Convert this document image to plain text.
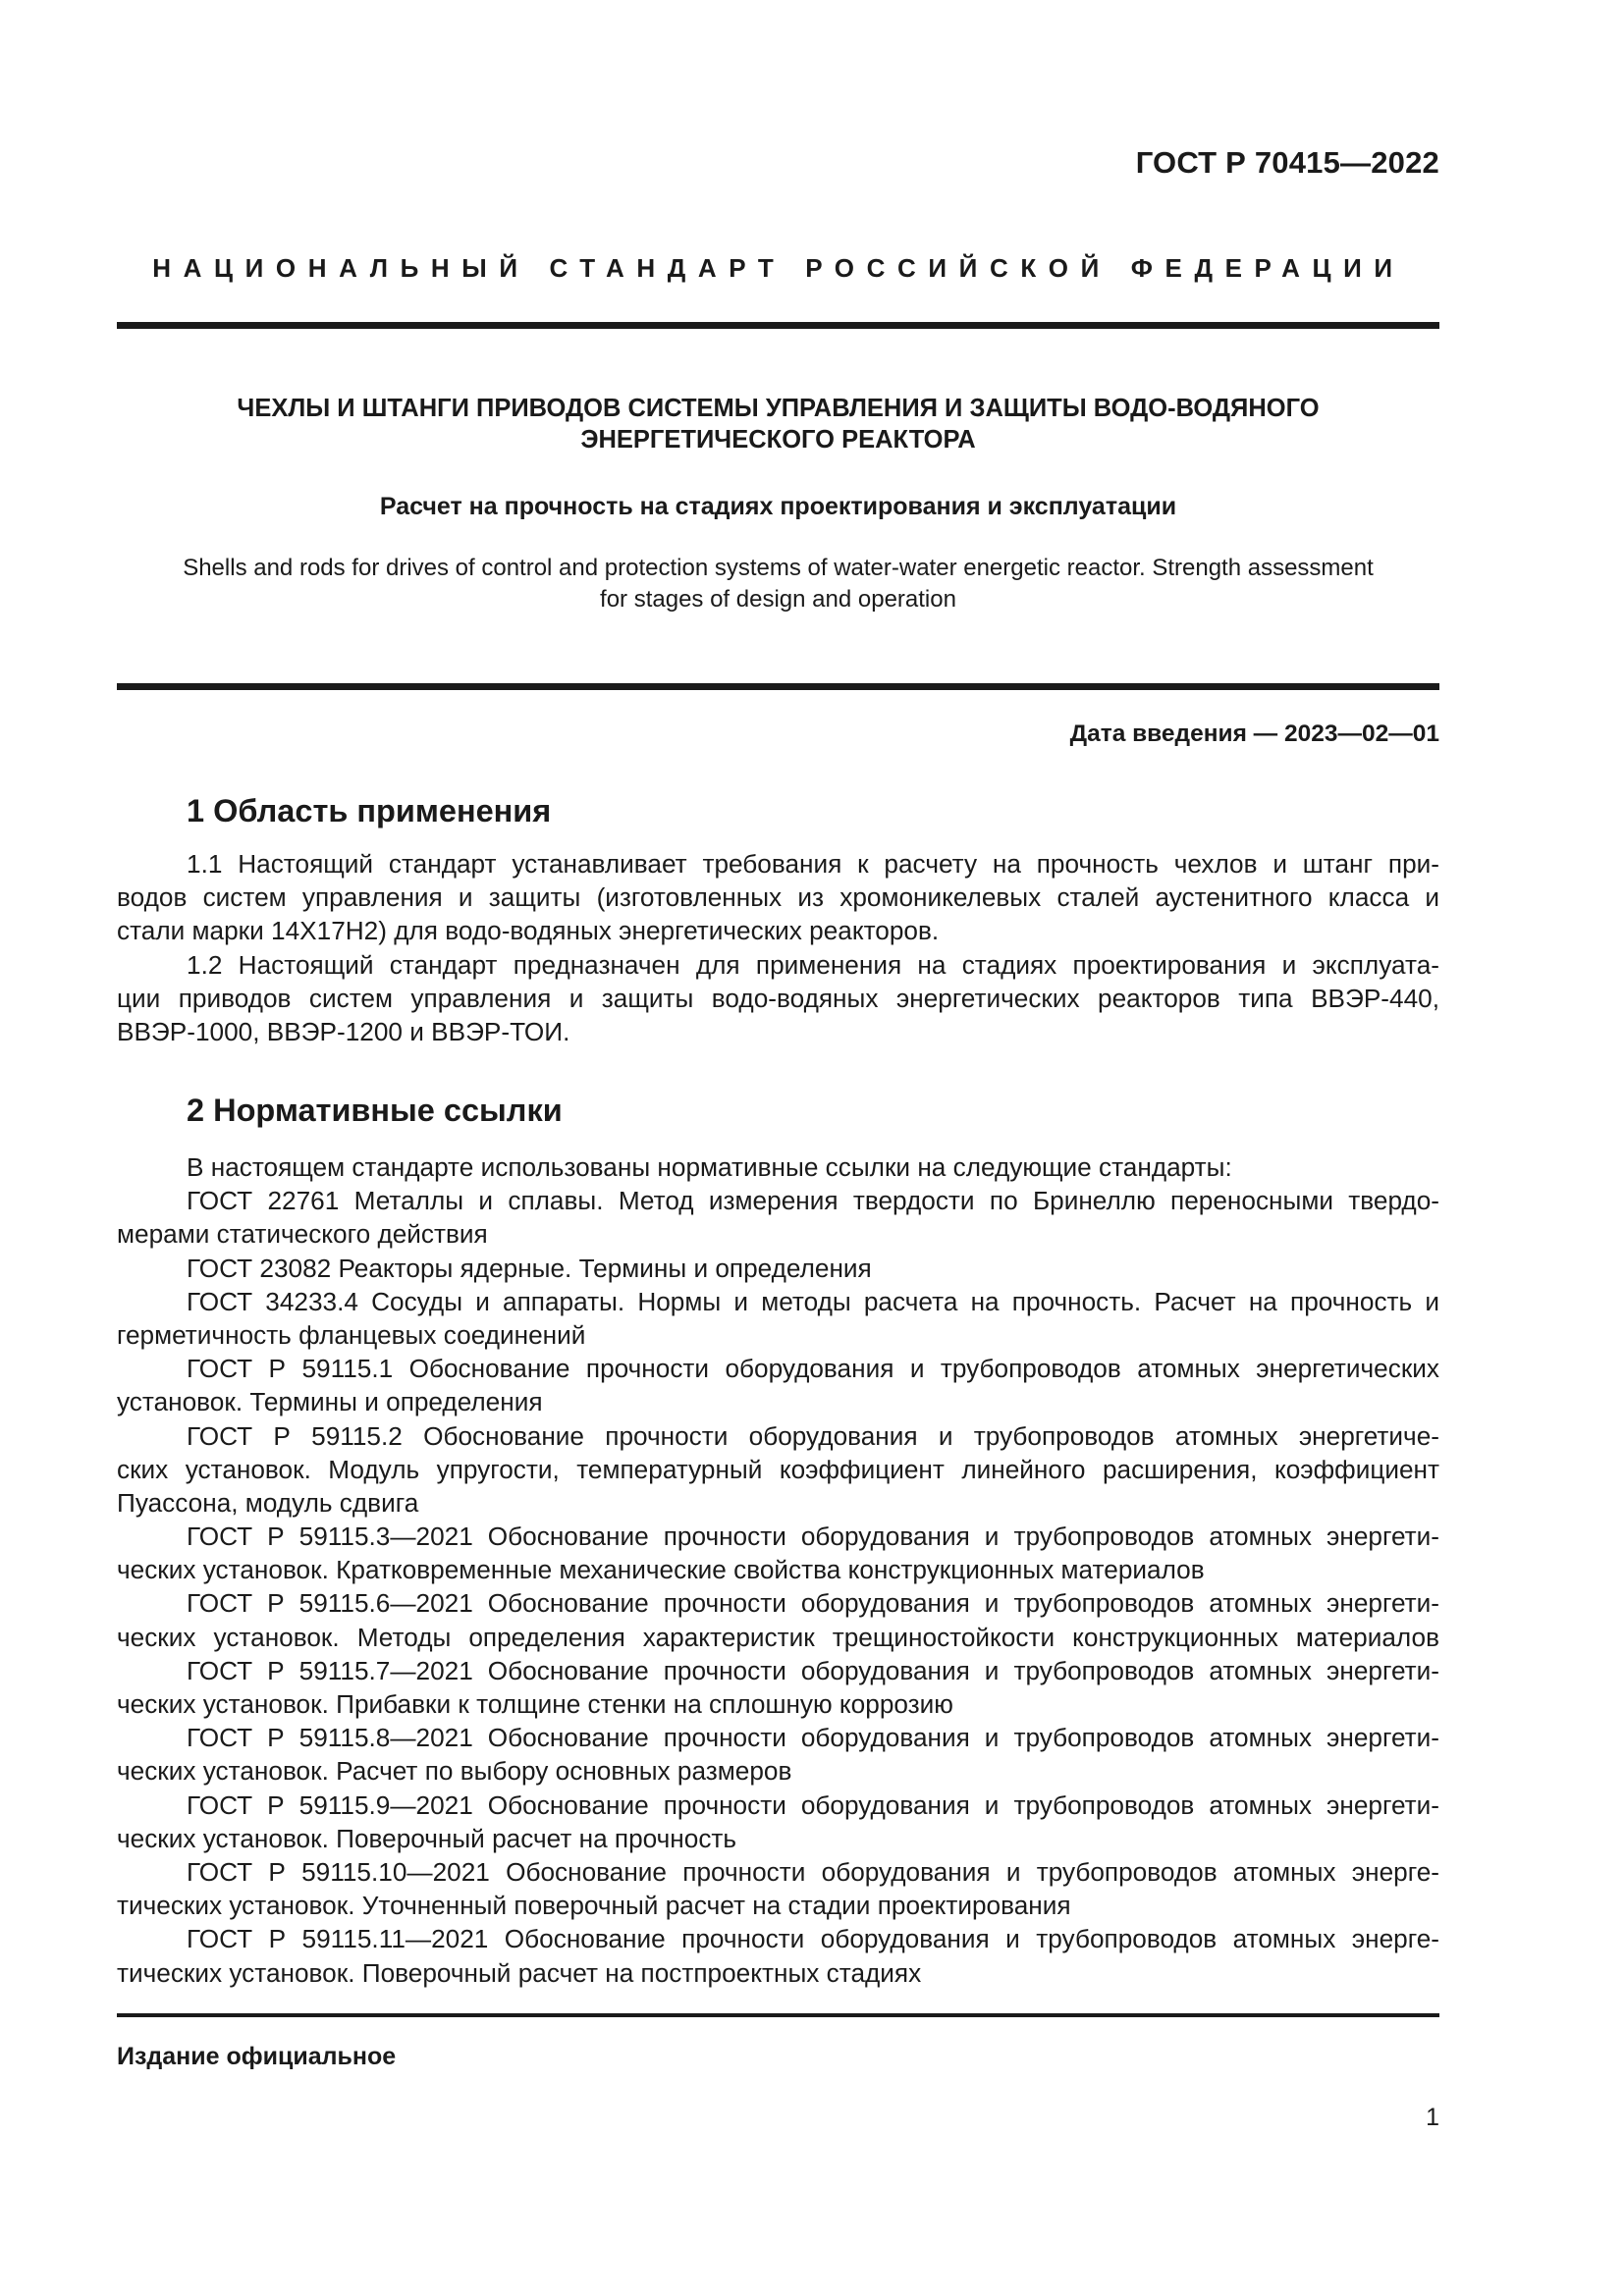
ГОСТ Р 70415—2022
НАЦИОНАЛЬНЫЙ СТАНДАРТ РОССИЙСКОЙ ФЕДЕРАЦИИ
ЧЕХЛЫ И ШТАНГИ ПРИВОДОВ СИСТЕМЫ УПРАВЛЕНИЯ И ЗАЩИТЫ ВОДО-ВОДЯНОГО
ЭНЕРГЕТИЧЕСКОГО РЕАКТОРА
Расчет на прочность на стадиях проектирования и эксплуатации
Shells and rods for drives of control and protection systems of water-water energetic reactor. Strength assessment
for stages of design and operation
Дата введения — 2023—02—01
1 Область применения
1.1 Настоящий стандарт устанавливает требования к расчету на прочность чехлов и штанг при-
водов систем управления и защиты (изготовленных из хромоникелевых сталей аустенитного класса и
стали марки 14Х17Н2) для водо-водяных энергетических реакторов.
1.2 Настоящий стандарт предназначен для применения на стадиях проектирования и эксплуата-
ции приводов систем управления и защиты водо-водяных энергетических реакторов типа ВВЭР-440,
ВВЭР-1000, ВВЭР-1200 и ВВЭР-ТОИ.
2 Нормативные ссылки
В настоящем стандарте использованы нормативные ссылки на следующие стандарты:
ГОСТ 22761 Металлы и сплавы. Метод измерения твердости по Бринеллю переносными твердо-
мерами статического действия
ГОСТ 23082 Реакторы ядерные. Термины и определения
ГОСТ 34233.4 Сосуды и аппараты. Нормы и методы расчета на прочность. Расчет на прочность и
герметичность фланцевых соединений
ГОСТ Р 59115.1 Обоснование прочности оборудования и трубопроводов атомных энергетических
установок. Термины и определения
ГОСТ Р 59115.2 Обоснование прочности оборудования и трубопроводов атомных энергетиче-
ских установок. Модуль упругости, температурный коэффициент линейного расширения, коэффициент
Пуассона, модуль сдвига
ГОСТ Р 59115.3—2021 Обоснование прочности оборудования и трубопроводов атомных энергети-
ческих установок. Кратковременные механические свойства конструкционных материалов
ГОСТ Р 59115.6—2021 Обоснование прочности оборудования и трубопроводов атомных энергети-
ческих установок. Методы определения характеристик трещиностойкости конструкционных материалов
ГОСТ Р 59115.7—2021 Обоснование прочности оборудования и трубопроводов атомных энергети-
ческих установок. Прибавки к толщине стенки на сплошную коррозию
ГОСТ Р 59115.8—2021 Обоснование прочности оборудования и трубопроводов атомных энергети-
ческих установок. Расчет по выбору основных размеров
ГОСТ Р 59115.9—2021 Обоснование прочности оборудования и трубопроводов атомных энергети-
ческих установок. Поверочный расчет на прочность
ГОСТ Р 59115.10—2021 Обоснование прочности оборудования и трубопроводов атомных энерге-
тических установок. Уточненный поверочный расчет на стадии проектирования
ГОСТ Р 59115.11—2021 Обоснование прочности оборудования и трубопроводов атомных энерге-
тических установок. Поверочный расчет на постпроектных стадиях
Издание официальное
1
